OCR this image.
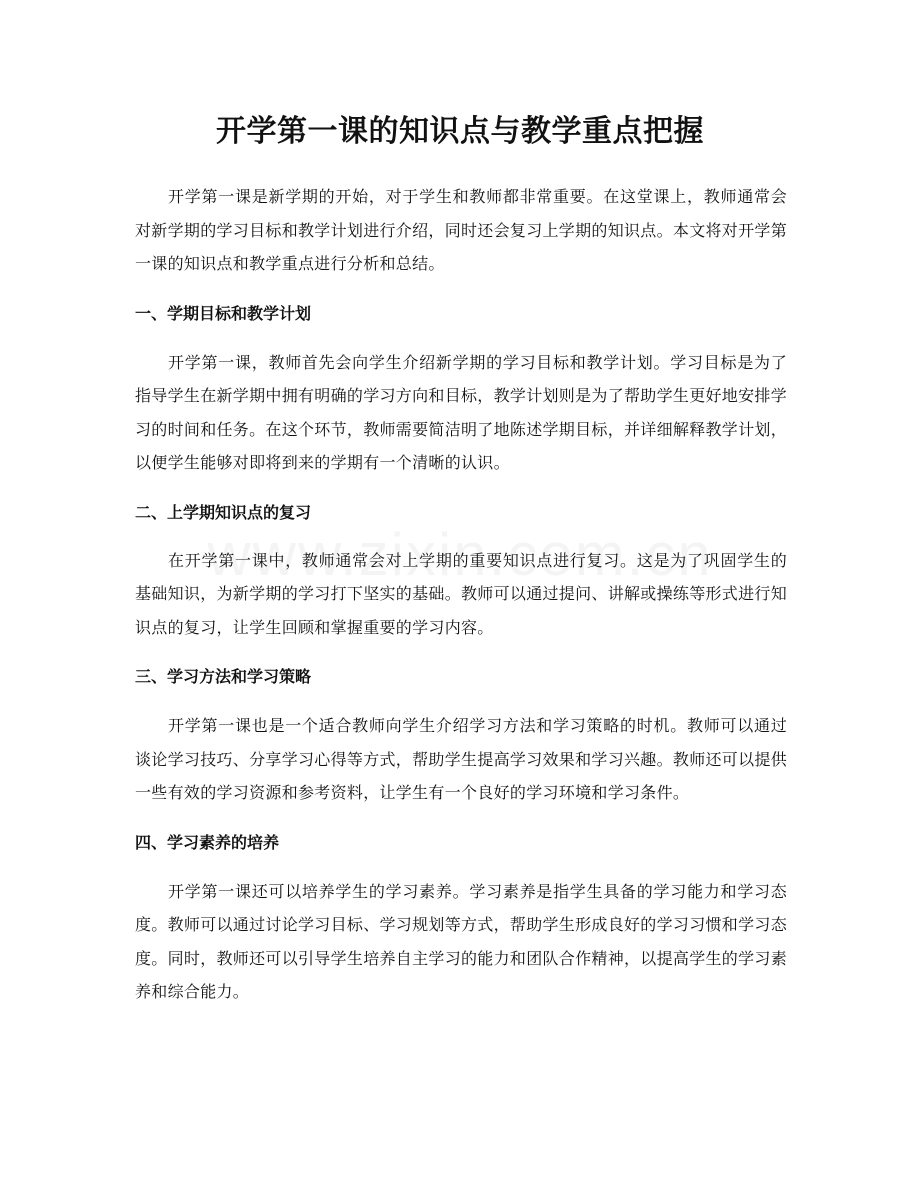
开学第一课的知识点与教学重点把握

开学第一课是新学期的开始，对于学生和教师都非常重要。在这堂课上，教师通常会对新学期的学习目标和教学计划进行介绍，同时还会复习上学期的知识点。本文将对开学第一课的知识点和教学重点进行分析和总结。

一、学期目标和教学计划

开学第一课，教师首先会向学生介绍新学期的学习目标和教学计划。学习目标是为了指导学生在新学期中拥有明确的学习方向和目标，教学计划则是为了帮助学生更好地安排学习的时间和任务。在这个环节，教师需要简洁明了地陈述学期目标，并详细解释教学计划，以便学生能够对即将到来的学期有一个清晰的认识。

二、上学期知识点的复习

在开学第一课中，教师通常会对上学期的重要知识点进行复习。这是为了巩固学生的基础知识，为新学期的学习打下坚实的基础。教师可以通过提问、讲解或操练等形式进行知识点的复习，让学生回顾和掌握重要的学习内容。

三、学习方法和学习策略

开学第一课也是一个适合教师向学生介绍学习方法和学习策略的时机。教师可以通过谈论学习技巧、分享学习心得等方式，帮助学生提高学习效果和学习兴趣。教师还可以提供一些有效的学习资源和参考资料，让学生有一个良好的学习环境和学习条件。

四、学习素养的培养

开学第一课还可以培养学生的学习素养。学习素养是指学生具备的学习能力和学习态度。教师可以通过讨论学习目标、学习规划等方式，帮助学生形成良好的学习习惯和学习态度。同时，教师还可以引导学生培养自主学习的能力和团队合作精神，以提高学生的学习素养和综合能力。
